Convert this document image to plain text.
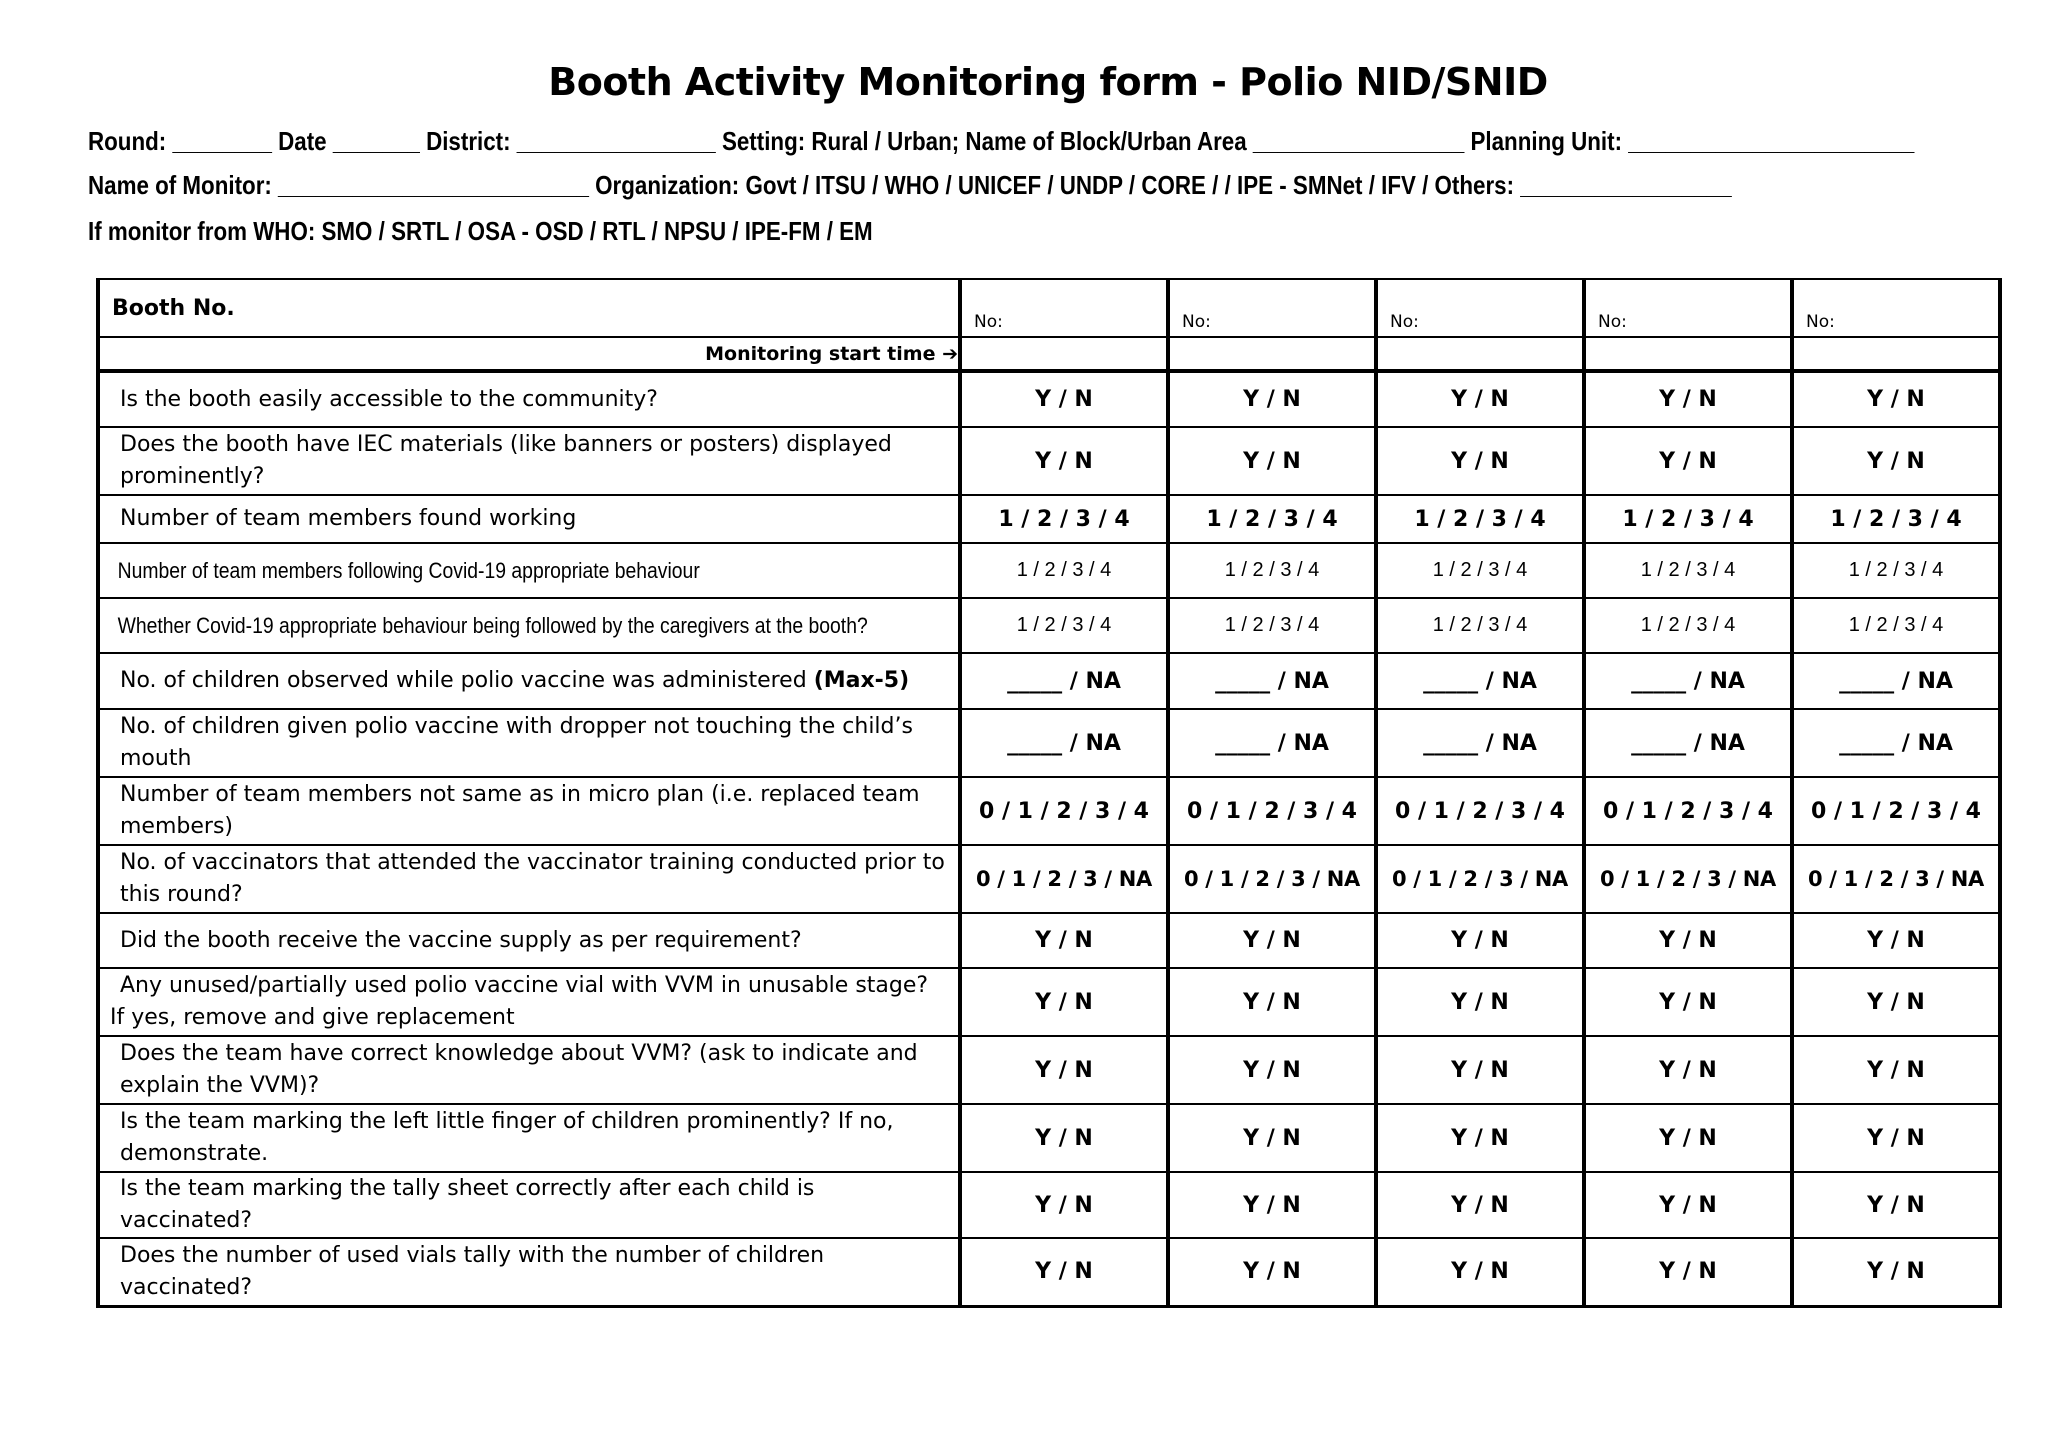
Booth Activity Monitoring form - Polio NID/SNID
Round: ________ Date _______ District: ________________ Setting: Rural / Urban; Name of Block/Urban Area _________________ Planning Unit: _______________________
Name of Monitor: _________________________ Organization: Govt / ITSU / WHO / UNICEF / UNDP / CORE / / IPE - SMNet / IFV / Others: _________________
If monitor from WHO: SMO / SRTL / OSA - OSD / RTL / NPSU / IPE-FM / EM
Booth No.	No:	No:	No:	No:	No:

Monitoring start time ➔					

Is the booth easily accessible to the community?	Y / N	Y / N	Y / N	Y / N	Y / N

Does the booth have IEC materials (like banners or posters) displayed prominently?	Y / N	Y / N	Y / N	Y / N	Y / N

Number of team members found working	1 / 2 / 3 / 4	1 / 2 / 3 / 4	1 / 2 / 3 / 4	1 / 2 / 3 / 4	1 / 2 / 3 / 4

Number of team members following Covid-19 appropriate behaviour	1 / 2 / 3 / 4	1 / 2 / 3 / 4	1 / 2 / 3 / 4	1 / 2 / 3 / 4	1 / 2 / 3 / 4

Whether Covid-19 appropriate behaviour being followed by the caregivers at the booth?	1 / 2 / 3 / 4	1 / 2 / 3 / 4	1 / 2 / 3 / 4	1 / 2 / 3 / 4	1 / 2 / 3 / 4

No. of children observed while polio vaccine was administered (Max-5)	_____ / NA	_____ / NA	_____ / NA	_____ / NA	_____ / NA

No. of children given polio vaccine with dropper not touching the child’s mouth	_____ / NA	_____ / NA	_____ / NA	_____ / NA	_____ / NA

Number of team members not same as in micro plan (i.e. replaced team members)	0 / 1 / 2 / 3 / 4	0 / 1 / 2 / 3 / 4	0 / 1 / 2 / 3 / 4	0 / 1 / 2 / 3 / 4	0 / 1 / 2 / 3 / 4

No. of vaccinators that attended the vaccinator training conducted prior to this round?	0 / 1 / 2 / 3 / NA	0 / 1 / 2 / 3 / NA	0 / 1 / 2 / 3 / NA	0 / 1 / 2 / 3 / NA	0 / 1 / 2 / 3 / NA

Did the booth receive the vaccine supply as per requirement?	Y / N	Y / N	Y / N	Y / N	Y / N

Any unused/partially used polio vaccine vial with VVM in unusable stage?
If yes, remove and give replacement	Y / N	Y / N	Y / N	Y / N	Y / N

Does the team have correct knowledge about VVM? (ask to indicate and explain the VVM)?	Y / N	Y / N	Y / N	Y / N	Y / N

Is the team marking the left little finger of children prominently? If no, demonstrate.	Y / N	Y / N	Y / N	Y / N	Y / N

Is the team marking the tally sheet correctly after each child is vaccinated?	Y / N	Y / N	Y / N	Y / N	Y / N

Does the number of used vials tally with the number of children vaccinated?	Y / N	Y / N	Y / N	Y / N	Y / N
